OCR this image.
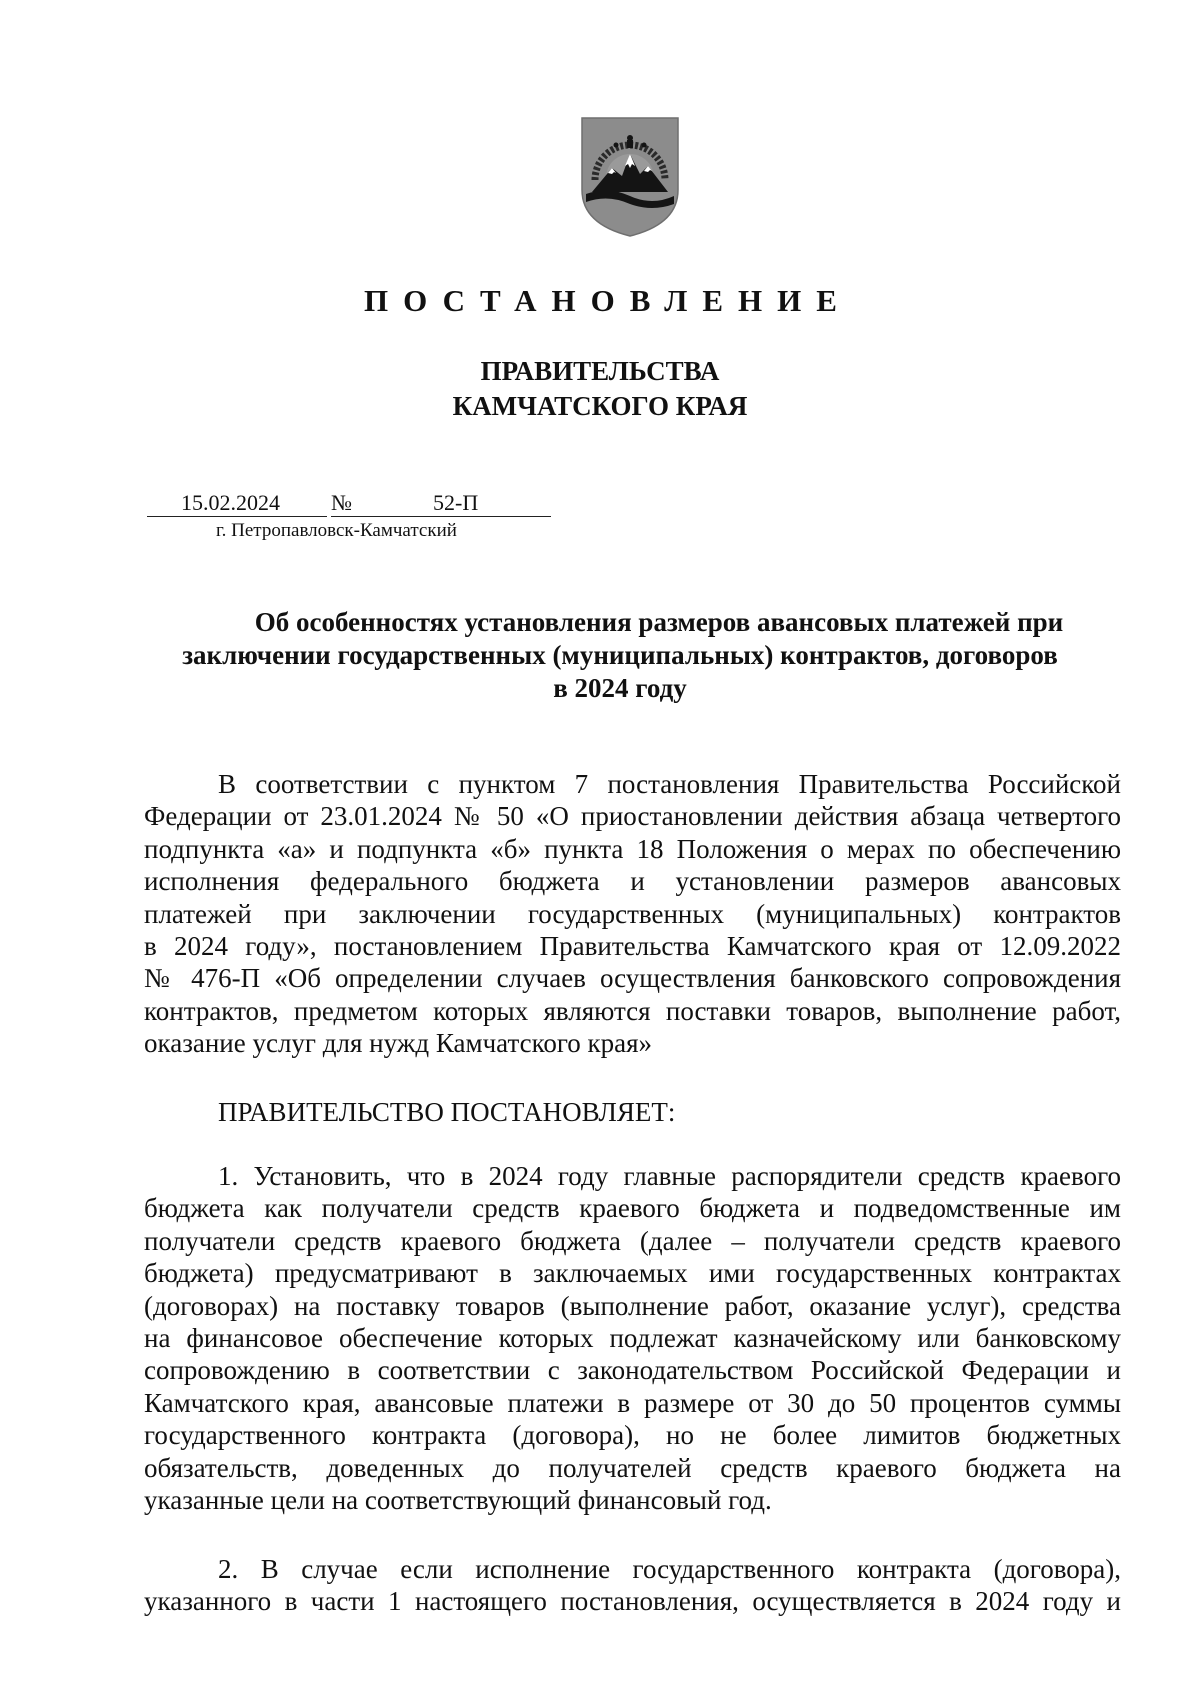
ПОСТАНОВЛЕНИЕ
ПРАВИТЕЛЬСТВА
КАМЧАТСКОГО КРАЯ
15.02.2024	№	52-П
г. Петропавловск-Камчатский
Об особенностях установления размеров авансовых платежей при
заключении государственных (муниципальных) контрактов, договоров
в 2024 году
В соответствии с пунктом 7 постановления Правительства Российской
Федерации от 23.01.2024 № 50 «О приостановлении действия абзаца четвертого
подпункта «а» и подпункта «б» пункта 18 Положения о мерах по обеспечению
исполнения федерального бюджета и установлении размеров авансовых
платежей при заключении государственных (муниципальных) контрактов
в 2024 году», постановлением Правительства Камчатского края от 12.09.2022
№ 476-П «Об определении случаев осуществления банковского сопровождения
контрактов, предметом которых являются поставки товаров, выполнение работ,
оказание услуг для нужд Камчатского края»
ПРАВИТЕЛЬСТВО ПОСТАНОВЛЯЕТ:
1. Установить, что в 2024 году главные распорядители средств краевого
бюджета как получатели средств краевого бюджета и подведомственные им
получатели средств краевого бюджета (далее – получатели средств краевого
бюджета) предусматривают в заключаемых ими государственных контрактах
(договорах) на поставку товаров (выполнение работ, оказание услуг), средства
на финансовое обеспечение которых подлежат казначейскому или банковскому
сопровождению в соответствии с законодательством Российской Федерации и
Камчатского края, авансовые платежи в размере от 30 до 50 процентов суммы
государственного контракта (договора), но не более лимитов бюджетных
обязательств, доведенных до получателей средств краевого бюджета на
указанные цели на соответствующий финансовый год.
2. В случае если исполнение государственного контракта (договора),
указанного в части 1 настоящего постановления, осуществляется в 2024 году и
